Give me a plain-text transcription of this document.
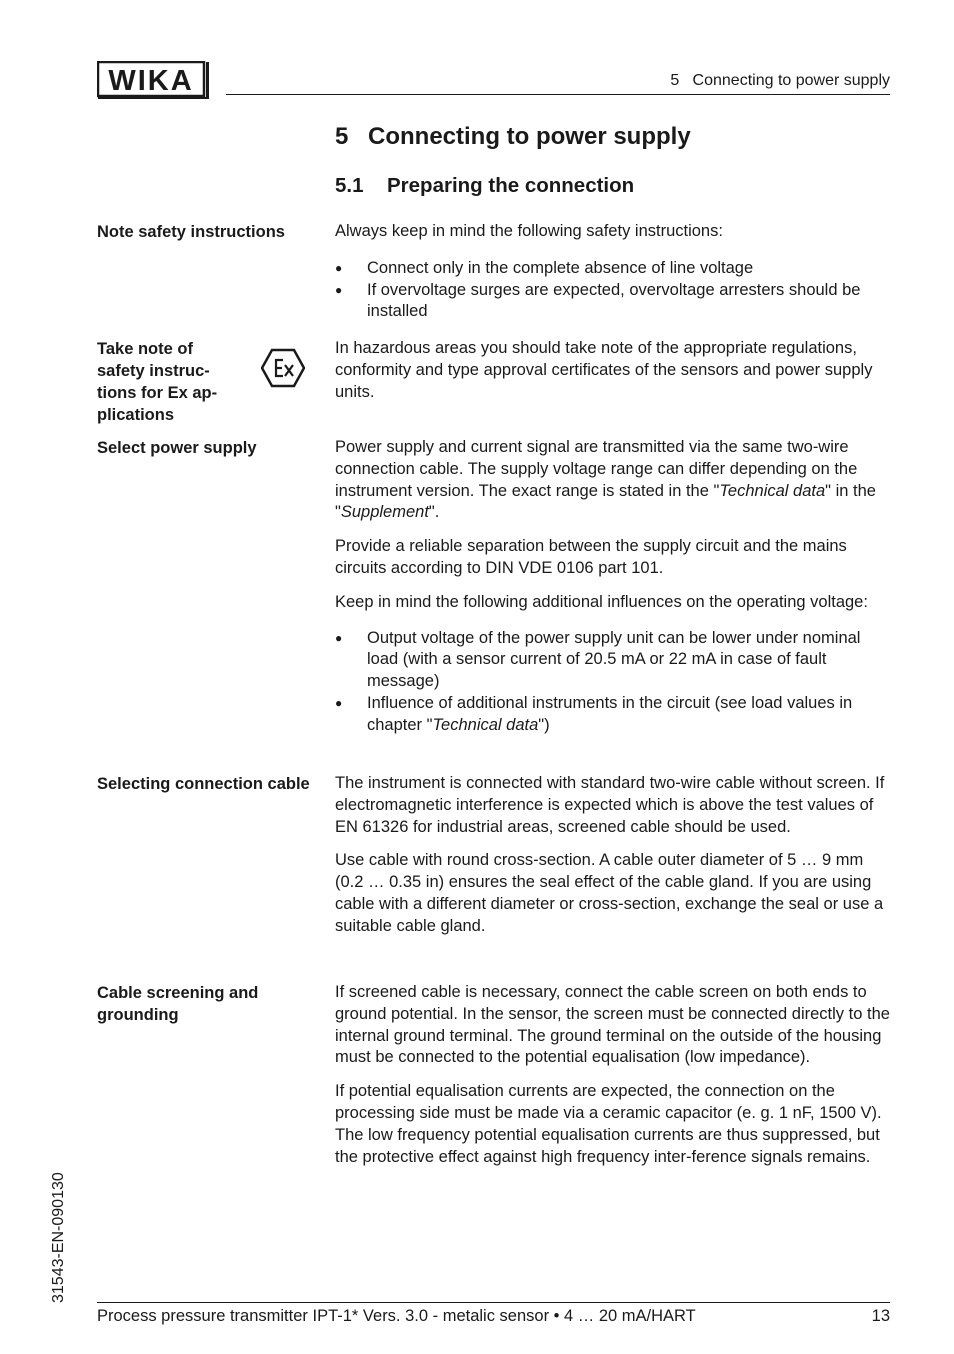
WIKA	5   Connecting to power supply
5 Connecting to power supply
5.1 Preparing the connection
Note safety instructions	Always keep in mind the following safety instructions:

● Connect only in the complete absence of line voltage
● If overvoltage surges are expected, overvoltage arresters should be installed
Take note of
safety instruc-
tions for Ex ap-
plications
In hazardous areas you should take note of the appropriate regulations, conformity and type approval certificates of the sensors and power supply units.
Select power supply	Power supply and current signal are transmitted via the same two-wire connection cable. The supply voltage range can differ depending on the instrument version. The exact range is stated in the "Technical data" in the "Supplement".

Provide a reliable separation between the supply circuit and the mains circuits according to DIN VDE 0106 part 101.

Keep in mind the following additional influences on the operating voltage:

● Output voltage of the power supply unit can be lower under nominal load (with a sensor current of 20.5 mA or 22 mA in case of fault message)
● Influence of additional instruments in the circuit (see load values in chapter "Technical data")
Selecting connection cable The instrument is connected with standard two-wire cable without screen. If electromagnetic interference is expected which is above the test values of EN 61326 for industrial areas, screened cable should be used.

Use cable with round cross-section. A cable outer diameter of 5 … 9 mm (0.2 … 0.35 in) ensures the seal effect of the cable gland. If you are using cable with a different diameter or cross-section, exchange the seal or use a suitable cable gland.

Cable screening and grounding

If screened cable is necessary, connect the cable screen on both ends to ground potential. In the sensor, the screen must be connected directly to the internal ground terminal. The ground terminal on the outside of the housing must be connected to the potential equalisation (low impedance).

If potential equalisation currents are expected, the connection on the processing side must be made via a ceramic capacitor (e. g. 1 nF, 1500 V). The low frequency potential equalisation currents are thus suppressed, but the protective effect against high frequency inter-ference signals remains.

31543-EN-090130
Process pressure transmitter IPT-1* Vers. 3.0 - metalic sensor • 4 … 20 mA/HART	13
